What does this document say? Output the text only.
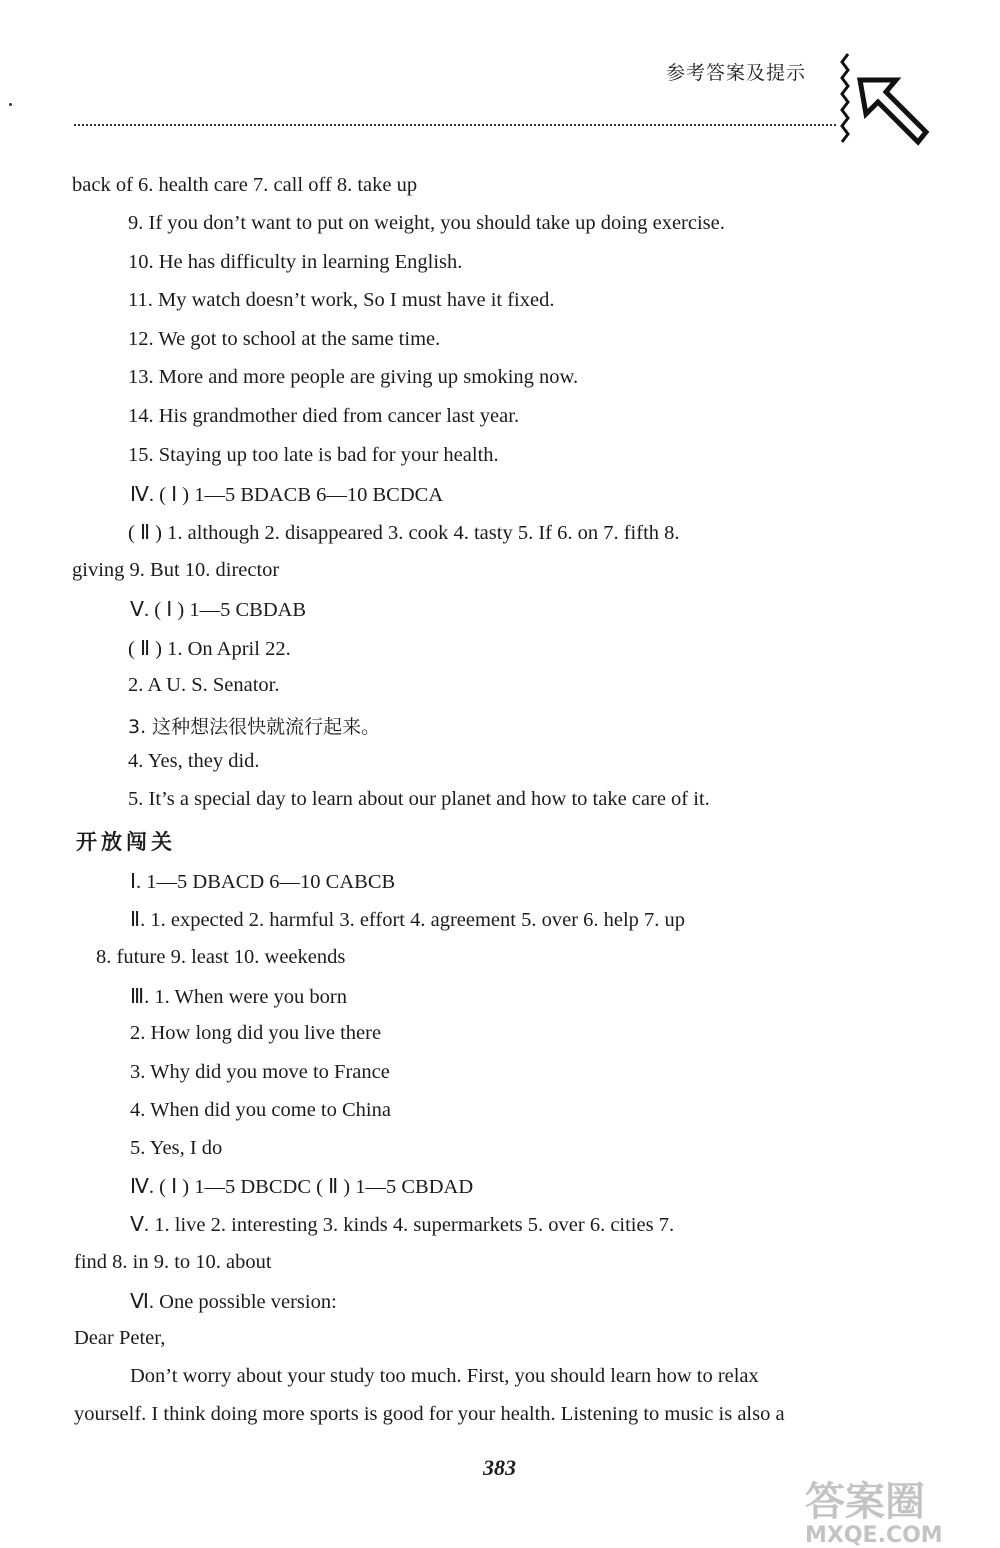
参考答案及提示
back of 6. health care 7. call off 8. take up
9. If you don’t want to put on weight, you should take up doing exercise.
10. He has difficulty in learning English.
11. My watch doesn’t work, So I must have it fixed.
12. We got to school at the same time.
13. More and more people are giving up smoking now.
14. His grandmother died from cancer last year.
15. Staying up too late is bad for your health.
Ⅳ. ( Ⅰ ) 1—5 BDACB 6—10 BCDCA
( Ⅱ ) 1. although 2. disappeared 3. cook 4. tasty 5. If 6. on 7. fifth 8.
giving 9. But 10. director
Ⅴ. ( Ⅰ ) 1—5 CBDAB
( Ⅱ ) 1. On April 22.
2. A U. S. Senator.
3. 这种想法很快就流行起来。
4. Yes, they did.
5. It’s a special day to learn about our planet and how to take care of it.
开放闯关
Ⅰ. 1—5 DBACD 6—10 CABCB
Ⅱ. 1. expected 2. harmful 3. effort 4. agreement 5. over 6. help 7. up
8. future 9. least 10. weekends
Ⅲ. 1. When were you born
2. How long did you live there
3. Why did you move to France
4. When did you come to China
5. Yes, I do
Ⅳ. ( Ⅰ ) 1—5 DBCDC ( Ⅱ ) 1—5 CBDAD
Ⅴ. 1. live 2. interesting 3. kinds 4. supermarkets 5. over 6. cities 7.
find 8. in 9. to 10. about
Ⅵ. One possible version:
Dear Peter,
Don’t worry about your study too much. First, you should learn how to relax
yourself. I think doing more sports is good for your health. Listening to music is also a
383
答案圈
MXQE.COM
